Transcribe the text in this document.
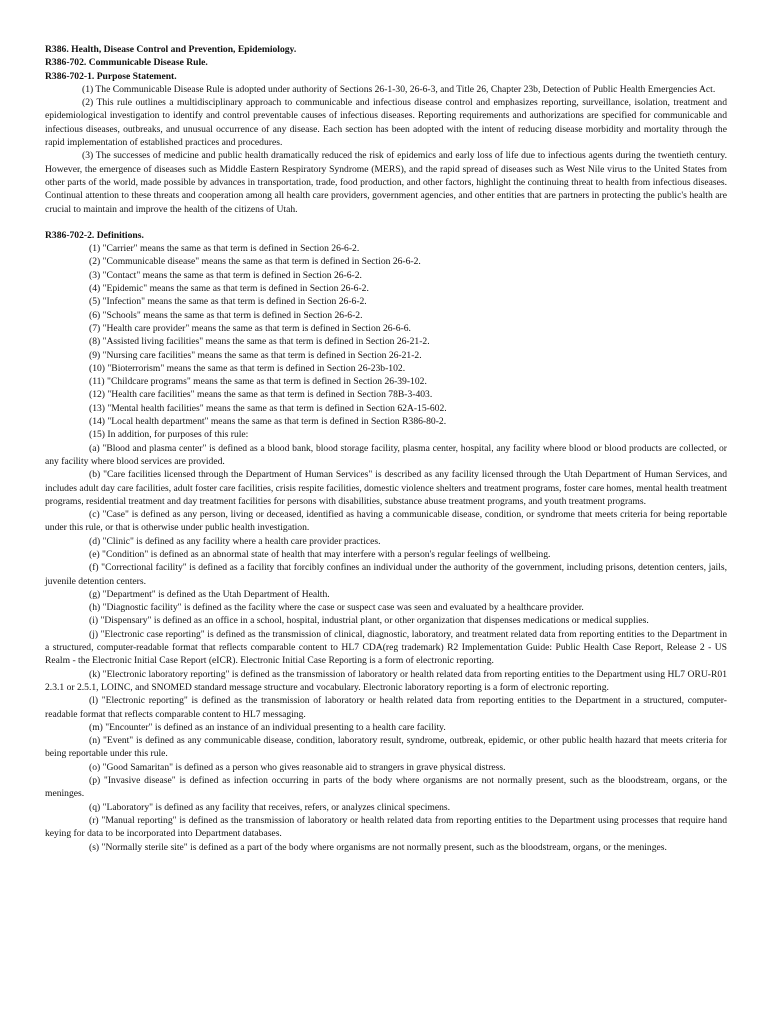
R386. Health, Disease Control and Prevention, Epidemiology.

R386-702. Communicable Disease Rule.

R386-702-1. Purpose Statement.

(1) The Communicable Disease Rule is adopted under authority of Sections 26-1-30, 26-6-3, and Title 26, Chapter 23b, Detection of Public Health Emergencies Act.

(2) This rule outlines a multidisciplinary approach to communicable and infectious disease control and emphasizes reporting, surveillance, isolation, treatment and epidemiological investigation to identify and control preventable causes of infectious diseases. Reporting requirements and authorizations are specified for communicable and infectious diseases, outbreaks, and unusual occurrence of any disease. Each section has been adopted with the intent of reducing disease morbidity and mortality through the rapid implementation of established practices and procedures.

(3) The successes of medicine and public health dramatically reduced the risk of epidemics and early loss of life due to infectious agents during the twentieth century. However, the emergence of diseases such as Middle Eastern Respiratory Syndrome (MERS), and the rapid spread of diseases such as West Nile virus to the United States from other parts of the world, made possible by advances in transportation, trade, food production, and other factors, highlight the continuing threat to health from infectious diseases. Continual attention to these threats and cooperation among all health care providers, government agencies, and other entities that are partners in protecting the public's health are crucial to maintain and improve the health of the citizens of Utah.

R386-702-2. Definitions.

(1) "Carrier" means the same as that term is defined in Section 26-6-2.

(2) "Communicable disease" means the same as that term is defined in Section 26-6-2.

(3) "Contact" means the same as that term is defined in Section 26-6-2.

(4) "Epidemic" means the same as that term is defined in Section 26-6-2.

(5) "Infection" means the same as that term is defined in Section 26-6-2.

(6) "Schools" means the same as that term is defined in Section 26-6-2.

(7) "Health care provider" means the same as that term is defined in Section 26-6-6.

(8) "Assisted living facilities" means the same as that term is defined in Section 26-21-2.

(9) "Nursing care facilities" means the same as that term is defined in Section 26-21-2.

(10) "Bioterrorism" means the same as that term is defined in Section 26-23b-102.

(11) "Childcare programs" means the same as that term is defined in Section 26-39-102.

(12) "Health care facilities" means the same as that term is defined in Section 78B-3-403.

(13) "Mental health facilities" means the same as that term is defined in Section 62A-15-602.

(14) "Local health department" means the same as that term is defined in Section R386-80-2.

(15) In addition, for purposes of this rule:

(a) "Blood and plasma center" is defined as a blood bank, blood storage facility, plasma center, hospital, any facility where blood or blood products are collected, or any facility where blood services are provided.

(b) "Care facilities licensed through the Department of Human Services" is described as any facility licensed through the Utah Department of Human Services, and includes adult day care facilities, adult foster care facilities, crisis respite facilities, domestic violence shelters and treatment programs, foster care homes, mental health treatment programs, residential treatment and day treatment facilities for persons with disabilities, substance abuse treatment programs, and youth treatment programs.

(c) "Case" is defined as any person, living or deceased, identified as having a communicable disease, condition, or syndrome that meets criteria for being reportable under this rule, or that is otherwise under public health investigation.

(d) "Clinic" is defined as any facility where a health care provider practices.

(e) "Condition" is defined as an abnormal state of health that may interfere with a person's regular feelings of wellbeing.

(f) "Correctional facility" is defined as a facility that forcibly confines an individual under the authority of the government, including prisons, detention centers, jails, juvenile detention centers.

(g) "Department" is defined as the Utah Department of Health.

(h) "Diagnostic facility" is defined as the facility where the case or suspect case was seen and evaluated by a healthcare provider.

(i) "Dispensary" is defined as an office in a school, hospital, industrial plant, or other organization that dispenses medications or medical supplies.

(j) "Electronic case reporting" is defined as the transmission of clinical, diagnostic, laboratory, and treatment related data from reporting entities to the Department in a structured, computer-readable format that reflects comparable content to HL7 CDA(reg trademark) R2 Implementation Guide: Public Health Case Report, Release 2 - US Realm - the Electronic Initial Case Report (eICR). Electronic Initial Case Reporting is a form of electronic reporting.

(k) "Electronic laboratory reporting" is defined as the transmission of laboratory or health related data from reporting entities to the Department using HL7 ORU-R01 2.3.1 or 2.5.1, LOINC, and SNOMED standard message structure and vocabulary. Electronic laboratory reporting is a form of electronic reporting.

(l) "Electronic reporting" is defined as the transmission of laboratory or health related data from reporting entities to the Department in a structured, computer-readable format that reflects comparable content to HL7 messaging.

(m) "Encounter" is defined as an instance of an individual presenting to a health care facility.

(n) "Event" is defined as any communicable disease, condition, laboratory result, syndrome, outbreak, epidemic, or other public health hazard that meets criteria for being reportable under this rule.

(o) "Good Samaritan" is defined as a person who gives reasonable aid to strangers in grave physical distress.

(p) "Invasive disease" is defined as infection occurring in parts of the body where organisms are not normally present, such as the bloodstream, organs, or the meninges.

(q) "Laboratory" is defined as any facility that receives, refers, or analyzes clinical specimens.

(r) "Manual reporting" is defined as the transmission of laboratory or health related data from reporting entities to the Department using processes that require hand keying for data to be incorporated into Department databases.

(s) "Normally sterile site" is defined as a part of the body where organisms are not normally present, such as the bloodstream, organs, or the meninges.
